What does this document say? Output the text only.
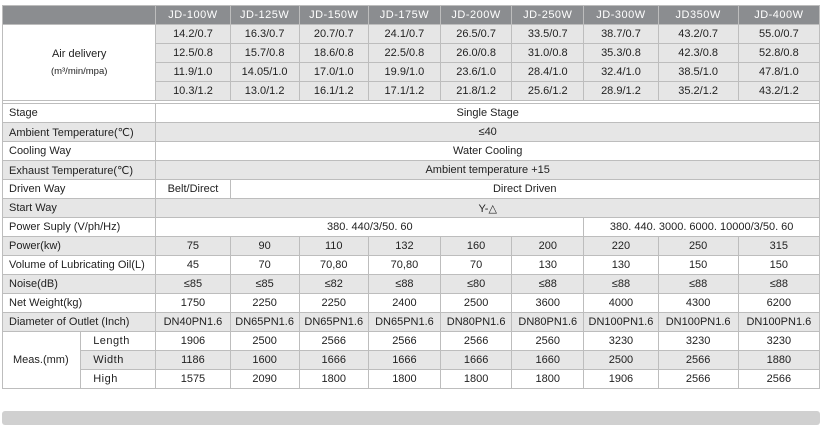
		JD-100W	JD-125W	JD-150W	JD-175W	JD-200W	JD-250W	JD-300W	JD350W	JD-400W

Air delivery
(m³/min/mpa)		14.2/0.7	16.3/0.7	20.7/0.7	24.1/0.7	26.5/0.7	33.5/0.7	38.7/0.7	43.2/0.7	55.0/0.7
		12.5/0.8	15.7/0.8	18.6/0.8	22.5/0.8	26.0/0.8	31.0/0.8	35.3/0.8	42.3/0.8	52.8/0.8
		11.9/1.0	14.05/1.0	17.0/1.0	19.9/1.0	23.6/1.0	28.4/1.0	32.4/1.0	38.5/1.0	47.8/1.0
		10.3/1.2	13.0/1.2	16.1/1.2	17.1/1.2	21.8/1.2	25.6/1.2	28.9/1.2	35.2/1.2	43.2/1.2

Stage		Single Stage								
Ambient Temperature(℃)		≤40								
Cooling Way		Water Cooling								
Exhaust Temperature(℃)		Ambient temperature +15								
Driven Way		Belt/Direct	Direct Driven							
Start Way		Y-△								
Power Suply (V/ph/Hz)		380. 440/3/50. 60						380. 440. 3000. 6000. 10000/3/50. 60		
Power(kw)		75	90	110	132	160	200	220	250	315
Volume of Lubricating Oil(L)		45	70	70,80	70,80	70	130	130	150	150
Noise(dB)		≤85	≤85	≤82	≤88	≤80	≤88	≤88	≤88	≤88
Net Weight(kg)		1750	2250	2250	2400	2500	3600	4000	4300	6200
Diameter of Outlet (Inch)		DN40PN1.6	DN65PN1.6	DN65PN1.6	DN65PN1.6	DN80PN1.6	DN80PN1.6	DN100PN1.6	DN100PN1.6	DN100PN1.6
Meas.(mm)	Length	1906	2500	2566	2566	2566	2560	3230	3230	3230
	Width	1186	1600	1666	1666	1666	1660	2500	2566	1880
	High	1575	2090	1800	1800	1800	1800	1906	2566	2566
